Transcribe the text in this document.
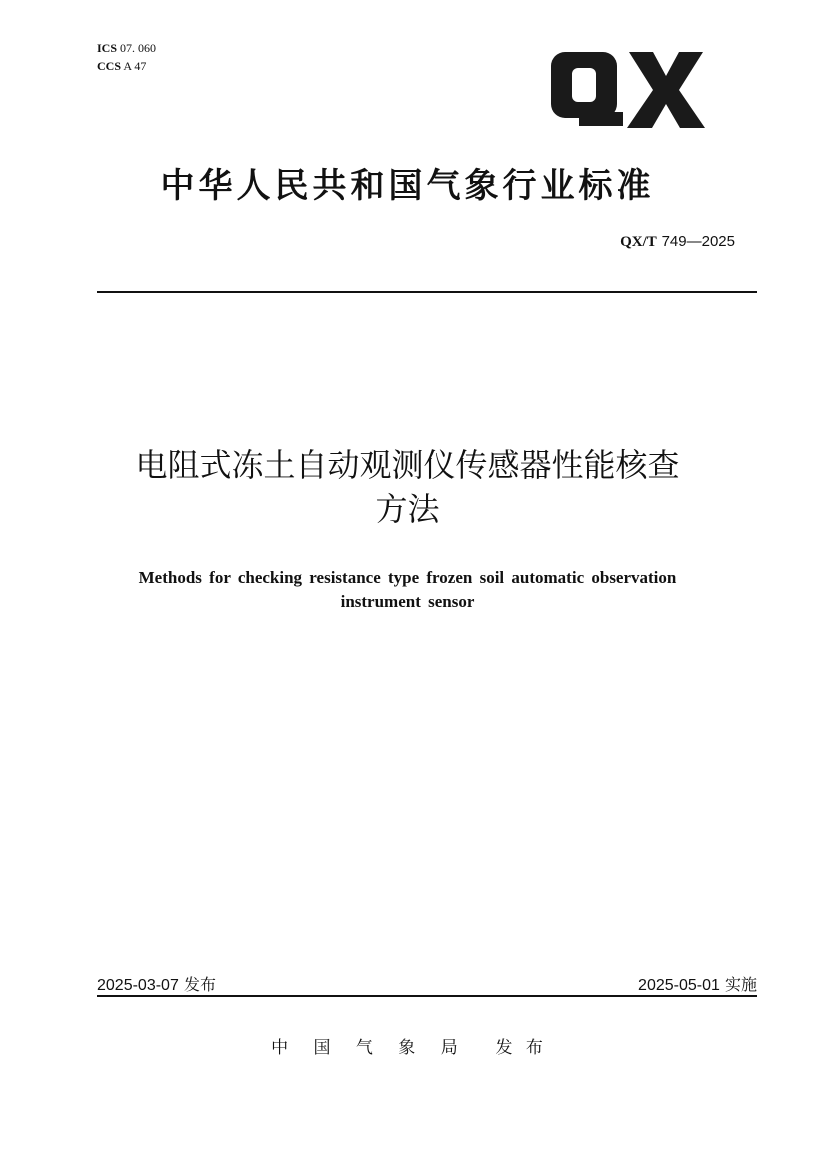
ICS 07. 060
CCS A 47
中华人民共和国气象行业标准
QX/T 749—2025
电阻式冻土自动观测仪传感器性能核查
方法
Methods for checking resistance type frozen soil automatic observation
instrument sensor
2025-03-07 发布	2025-05-01 实施
中 国 气 象 局 发 布
